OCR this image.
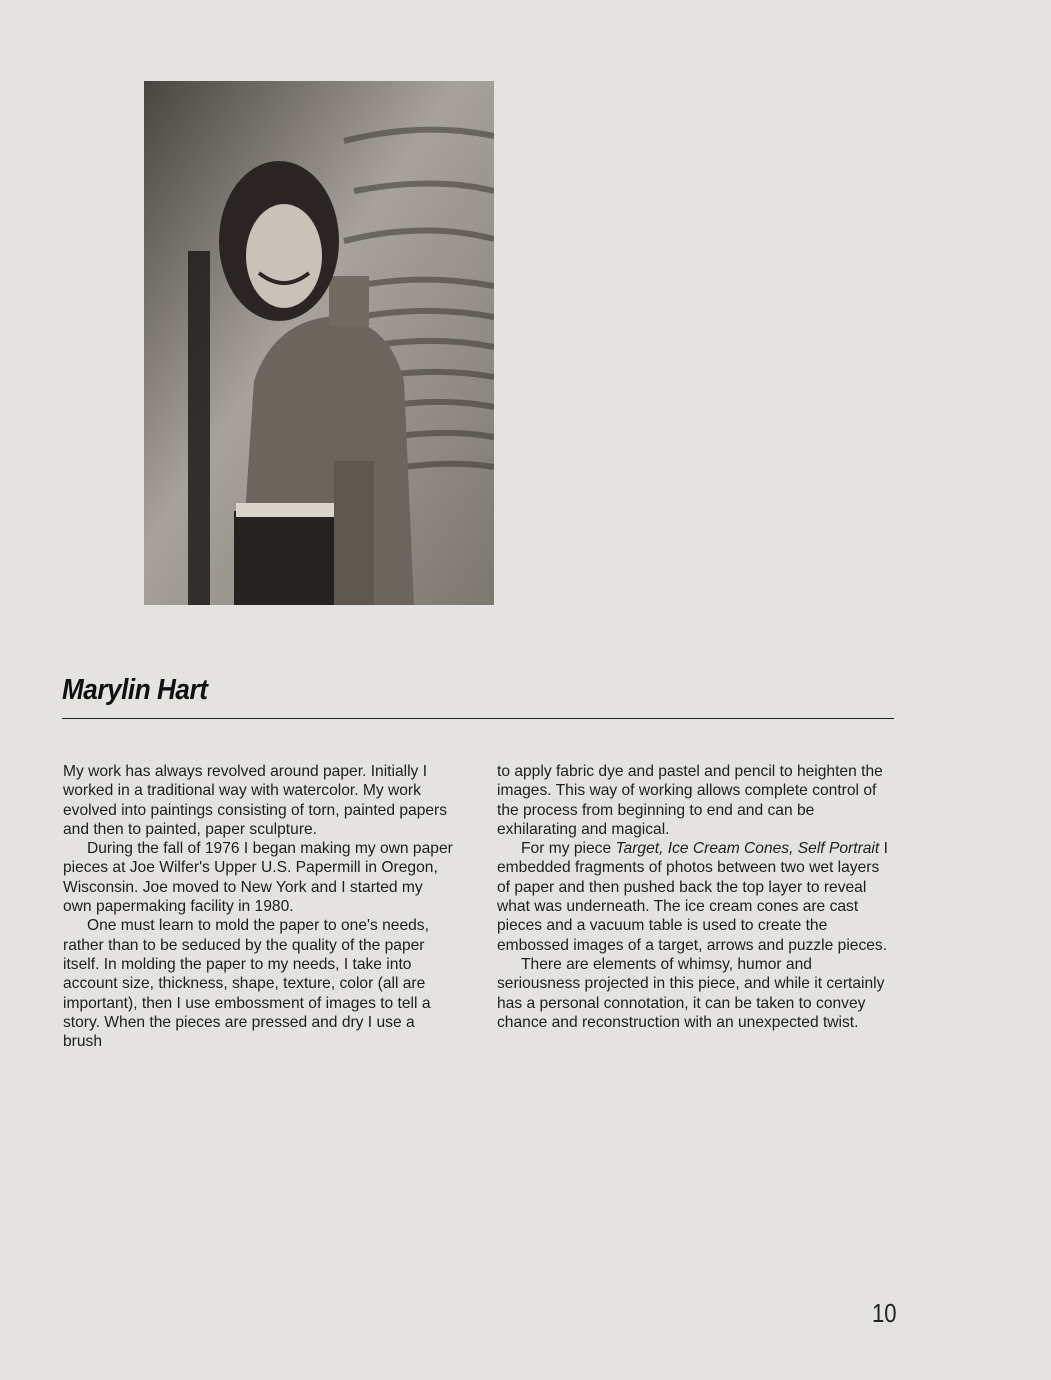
Marylin Hart

My work has always revolved around paper. Initially I worked in a traditional way with watercolor. My work evolved into paintings consisting of torn, painted papers and then to painted, paper sculpture.

During the fall of 1976 I began making my own paper pieces at Joe Wilfer's Upper U.S. Papermill in Oregon, Wisconsin. Joe moved to New York and I started my own papermaking facility in 1980.

One must learn to mold the paper to one's needs, rather than to be seduced by the quality of the paper itself. In molding the paper to my needs, I take into account size, thickness, shape, texture, color (all are important), then I use embossment of images to tell a story. When the pieces are pressed and dry I use a brush

to apply fabric dye and pastel and pencil to heighten the images. This way of working allows complete control of the process from beginning to end and can be exhilarating and magical.

For my piece Target, Ice Cream Cones, Self Portrait I embedded fragments of photos between two wet layers of paper and then pushed back the top layer to reveal what was underneath. The ice cream cones are cast pieces and a vacuum table is used to create the embossed images of a target, arrows and puzzle pieces.

There are elements of whimsy, humor and seriousness projected in this piece, and while it certainly has a personal connotation, it can be taken to convey chance and reconstruction with an unexpected twist.

10
